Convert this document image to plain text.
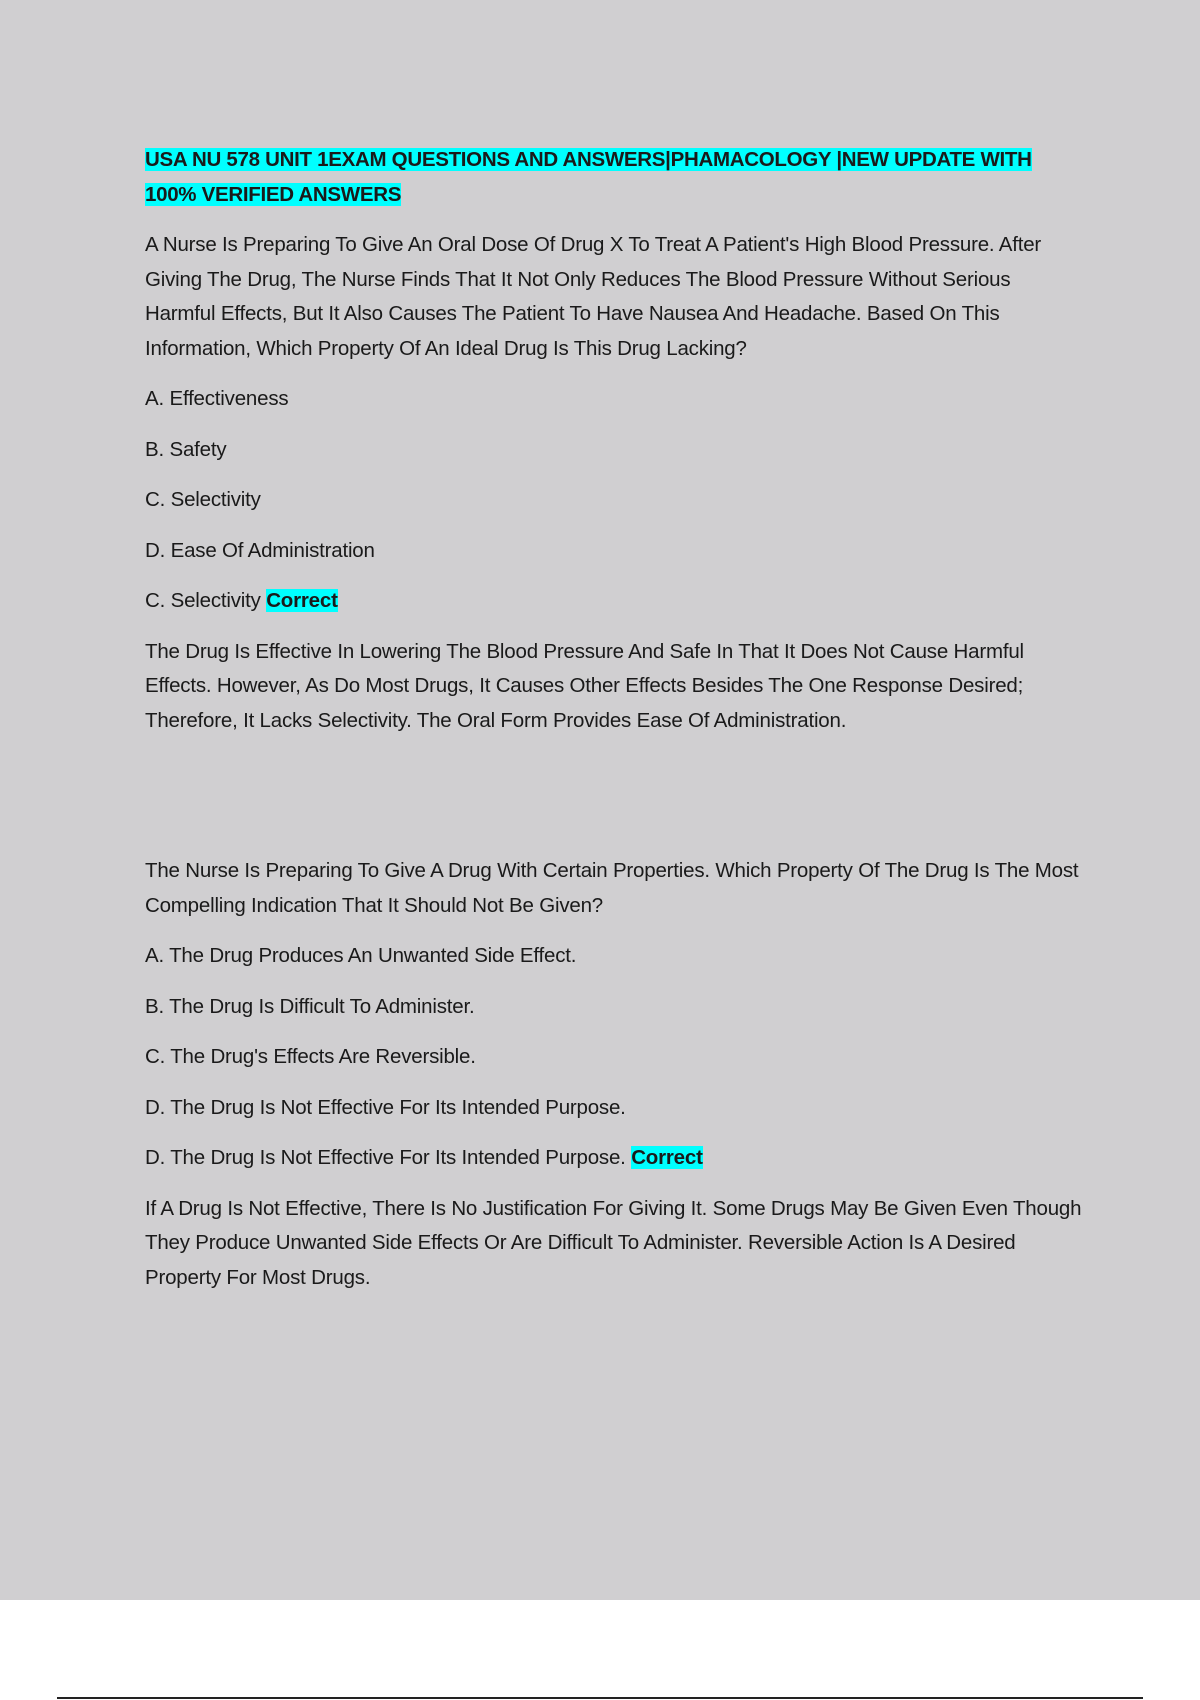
USA NU 578 UNIT 1EXAM QUESTIONS AND ANSWERS|PHAMACOLOGY |NEW UPDATE WITH 100% VERIFIED ANSWERS

A Nurse Is Preparing To Give An Oral Dose Of Drug X To Treat A Patient's High Blood Pressure. After Giving The Drug, The Nurse Finds That It Not Only Reduces The Blood Pressure Without Serious Harmful Effects, But It Also Causes The Patient To Have Nausea And Headache. Based On This Information, Which Property Of An Ideal Drug Is This Drug Lacking?

A. Effectiveness

B. Safety

C. Selectivity

D. Ease Of Administration

C. Selectivity Correct

The Drug Is Effective In Lowering The Blood Pressure And Safe In That It Does Not Cause Harmful Effects. However, As Do Most Drugs, It Causes Other Effects Besides The One Response Desired; Therefore, It Lacks Selectivity. The Oral Form Provides Ease Of Administration.

The Nurse Is Preparing To Give A Drug With Certain Properties. Which Property Of The Drug Is The Most Compelling Indication That It Should Not Be Given?

A. The Drug Produces An Unwanted Side Effect.

B. The Drug Is Difficult To Administer.

C. The Drug's Effects Are Reversible.

D. The Drug Is Not Effective For Its Intended Purpose.

D. The Drug Is Not Effective For Its Intended Purpose. Correct

If A Drug Is Not Effective, There Is No Justification For Giving It. Some Drugs May Be Given Even Though They Produce Unwanted Side Effects Or Are Difficult To Administer. Reversible Action Is A Desired Property For Most Drugs.
